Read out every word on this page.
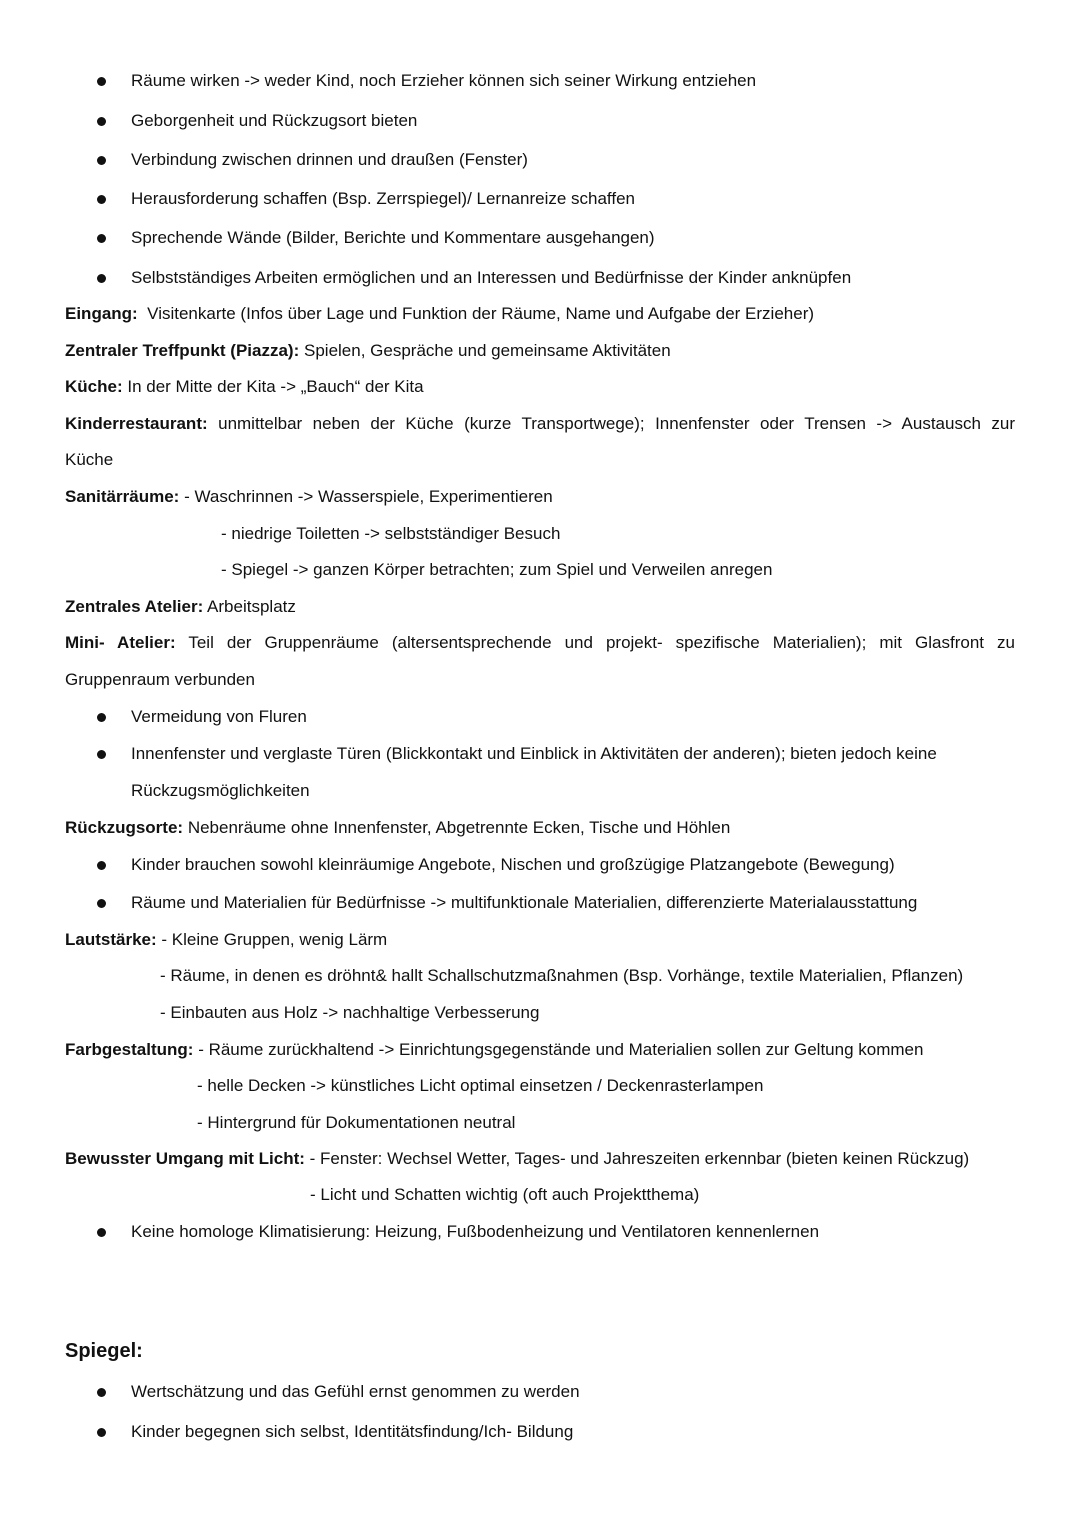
Räume wirken -> weder Kind, noch Erzieher können sich seiner Wirkung entziehen
Geborgenheit und Rückzugsort bieten
Verbindung zwischen drinnen und draußen (Fenster)
Herausforderung schaffen (Bsp. Zerrspiegel)/ Lernanreize schaffen
Sprechende Wände (Bilder, Berichte und Kommentare ausgehangen)
Selbstständiges Arbeiten ermöglichen und an Interessen und Bedürfnisse der Kinder anknüpfen
Eingang: Visitenkarte (Infos über Lage und Funktion der Räume, Name und Aufgabe der Erzieher)
Zentraler Treffpunkt (Piazza): Spielen, Gespräche und gemeinsame Aktivitäten
Küche: In der Mitte der Kita -> „Bauch“ der Kita
Kinderrestaurant: unmittelbar neben der Küche (kurze Transportwege); Innenfenster oder Trensen -> Austausch zur
Küche
Sanitärräume: - Waschrinnen -> Wasserspiele, Experimentieren
- niedrige Toiletten -> selbstständiger Besuch
- Spiegel -> ganzen Körper betrachten; zum Spiel und Verweilen anregen
Zentrales Atelier: Arbeitsplatz
Mini- Atelier: Teil der Gruppenräume (altersentsprechende und projekt- spezifische Materialien); mit Glasfront zu
Gruppenraum verbunden
Vermeidung von Fluren
Innenfenster und verglaste Türen (Blickkontakt und Einblick in Aktivitäten der anderen); bieten jedoch keine
Rückzugsmöglichkeiten
Rückzugsorte: Nebenräume ohne Innenfenster, Abgetrennte Ecken, Tische und Höhlen
Kinder brauchen sowohl kleinräumige Angebote, Nischen und großzügige Platzangebote (Bewegung)
Räume und Materialien für Bedürfnisse -> multifunktionale Materialien, differenzierte Materialausstattung
Lautstärke: - Kleine Gruppen, wenig Lärm
- Räume, in denen es dröhnt& hallt Schallschutzmaßnahmen (Bsp. Vorhänge, textile Materialien, Pflanzen)
- Einbauten aus Holz -> nachhaltige Verbesserung
Farbgestaltung: - Räume zurückhaltend -> Einrichtungsgegenstände und Materialien sollen zur Geltung kommen
- helle Decken -> künstliches Licht optimal einsetzen / Deckenrasterlampen
- Hintergrund für Dokumentationen neutral
Bewusster Umgang mit Licht: - Fenster: Wechsel Wetter, Tages- und Jahreszeiten erkennbar (bieten keinen Rückzug)
- Licht und Schatten wichtig (oft auch Projektthema)
Keine homologe Klimatisierung: Heizung, Fußbodenheizung und Ventilatoren kennenlernen
Spiegel:
Wertschätzung und das Gefühl ernst genommen zu werden
Kinder begegnen sich selbst, Identitätsfindung/Ich- Bildung
